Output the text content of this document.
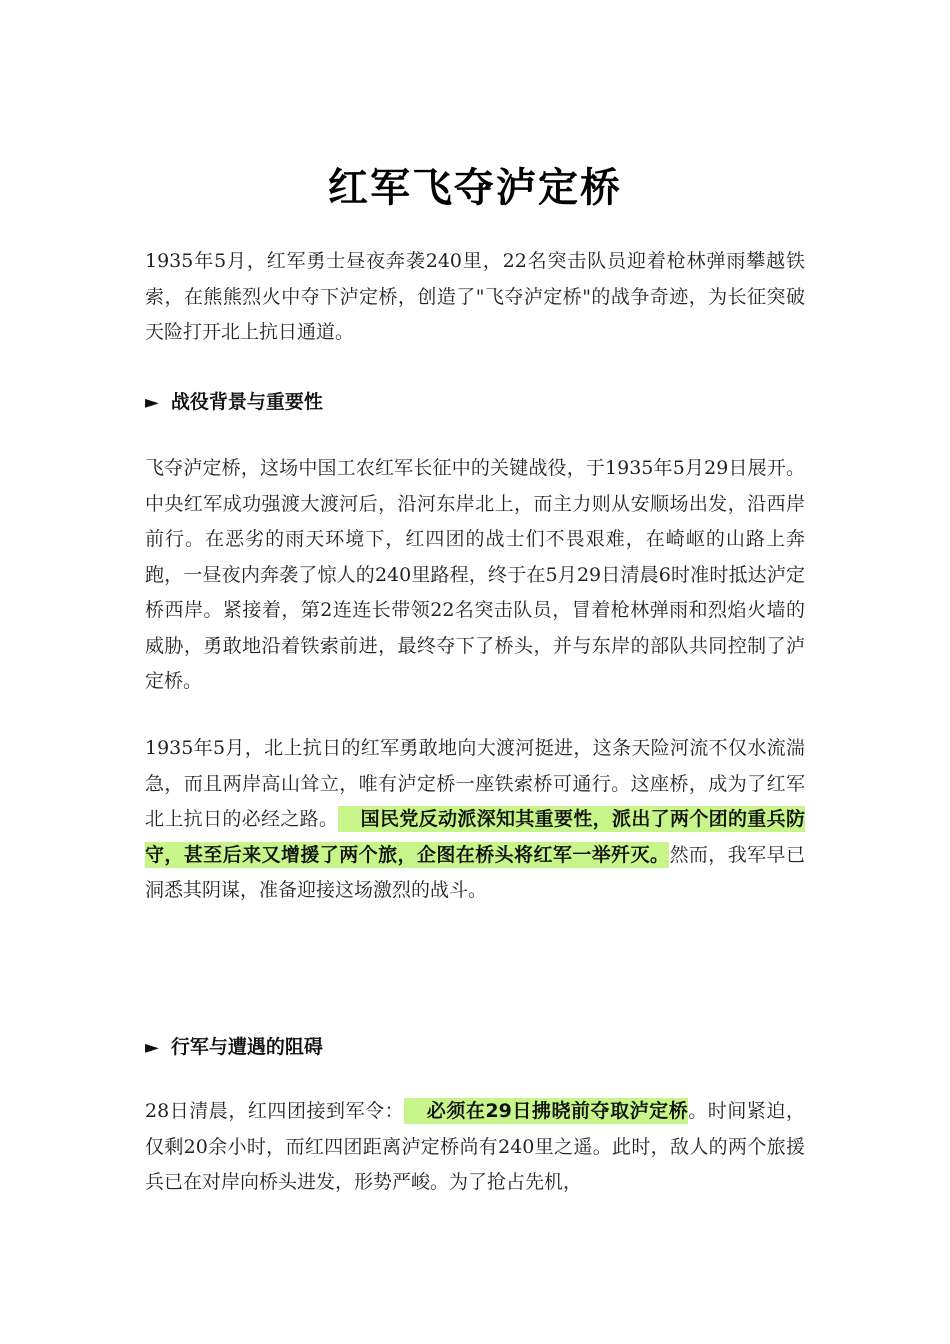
红军飞夺泸定桥

1935年5月，红军勇士昼夜奔袭240里，22名突击队员迎着枪林弹雨攀越铁索，在熊熊烈火中夺下泸定桥，创造了"飞夺泸定桥"的战争奇迹，为长征突破天险打开北上抗日通道。

► 战役背景与重要性

飞夺泸定桥，这场中国工农红军长征中的关键战役，于1935年5月29日展开。中央红军成功强渡大渡河后，沿河东岸北上，而主力则从安顺场出发，沿西岸前行。在恶劣的雨天环境下，红四团的战士们不畏艰难，在崎岖的山路上奔跑，一昼夜内奔袭了惊人的240里路程，终于在5月29日清晨6时准时抵达泸定桥西岸。紧接着，第2连连长带领22名突击队员，冒着枪林弹雨和烈焰火墙的威胁，勇敢地沿着铁索前进，最终夺下了桥头，并与东岸的部队共同控制了泸定桥。

1935年5月，北上抗日的红军勇敢地向大渡河挺进，这条天险河流不仅水流湍急，而且两岸高山耸立，唯有泸定桥一座铁索桥可通行。这座桥，成为了红军北上抗日的必经之路。 国民党反动派深知其重要性，派出了两个团的重兵防守，甚至后来又增援了两个旅，企图在桥头将红军一举歼灭。然而，我军早已洞悉其阴谋，准备迎接这场激烈的战斗。

► 行军与遭遇的阻碍

28日清晨，红四团接到军令： 必须在29日拂晓前夺取泸定桥。时间紧迫，仅剩20余小时，而红四团距离泸定桥尚有240里之遥。此时，敌人的两个旅援兵已在对岸向桥头进发，形势严峻。为了抢占先机，
